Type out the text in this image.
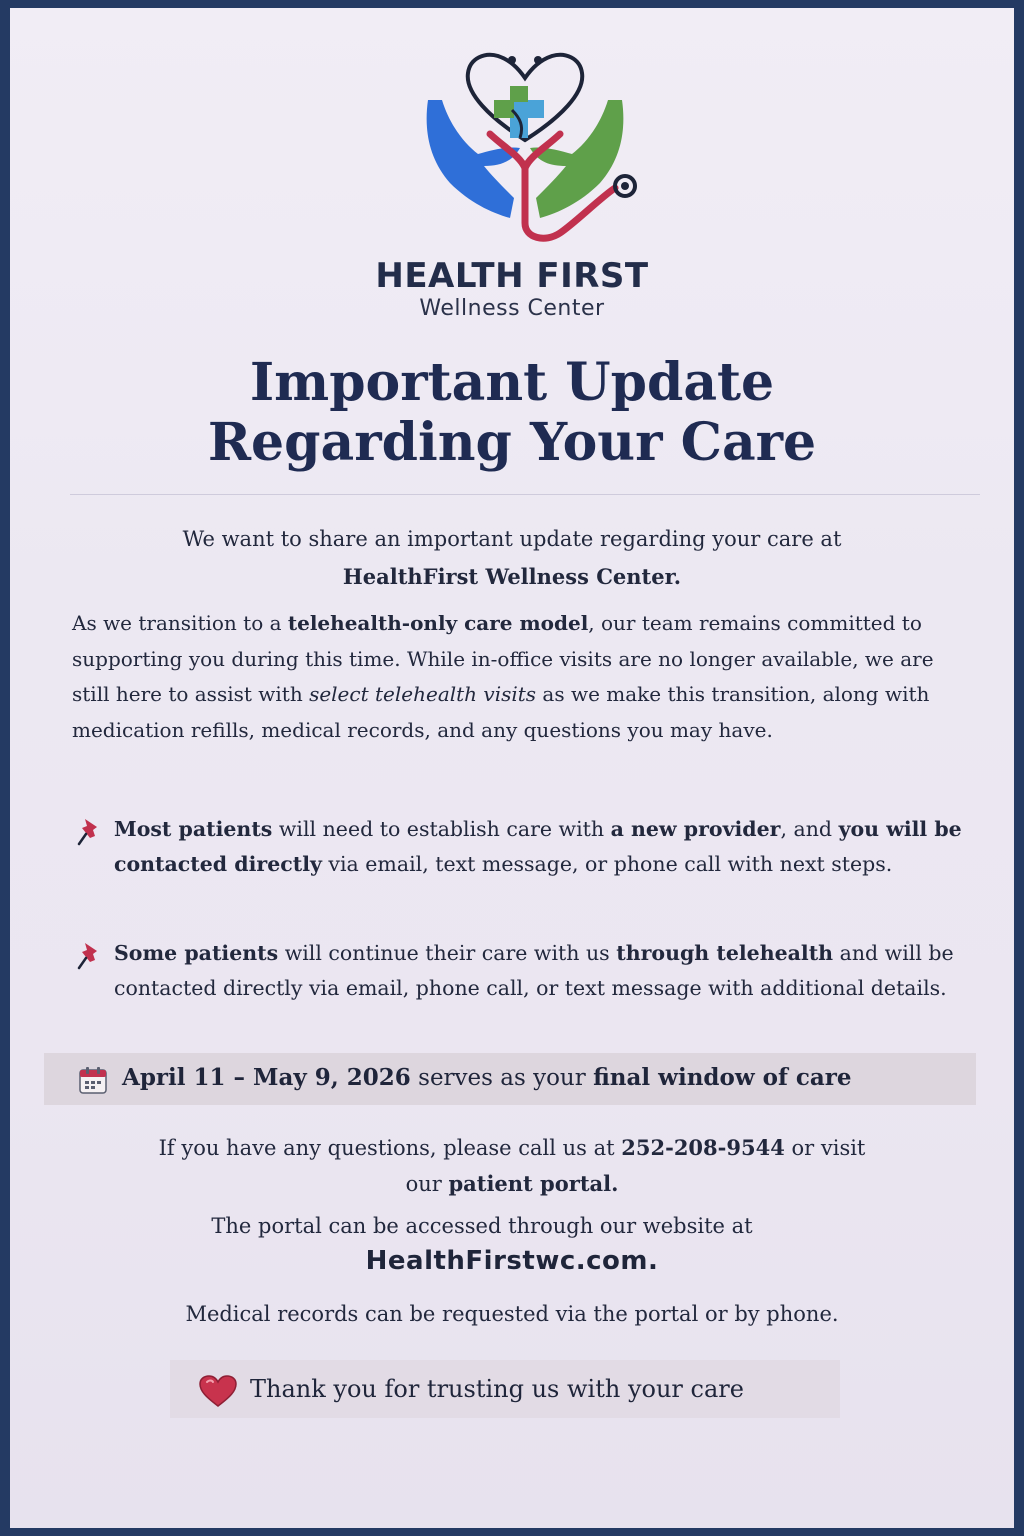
HEALTH FIRST
Wellness Center
Important Update
Regarding Your Care
We want to share an important update regarding your care at
HealthFirst Wellness Center.
As we transition to a telehealth-only care model, our team remains committed to supporting you during this time. While in-office visits are no longer available, we are still here to assist with select telehealth visits as we make this transition, along with medication refills, medical records, and any questions you may have.
Most patients will need to establish care with a new provider, and you will be contacted directly via email, text message, or phone call with next steps.
Some patients will continue their care with us through telehealth and will be contacted directly via email, phone call, or text message with additional details.
April 11 – May 9, 2026 serves as your final window of care
If you have any questions, please call us at 252-208-9544 or visit
our patient portal.
The portal can be accessed through our website at
HealthFirstwc.com.
Medical records can be requested via the portal or by phone.
Thank you for trusting us with your care
